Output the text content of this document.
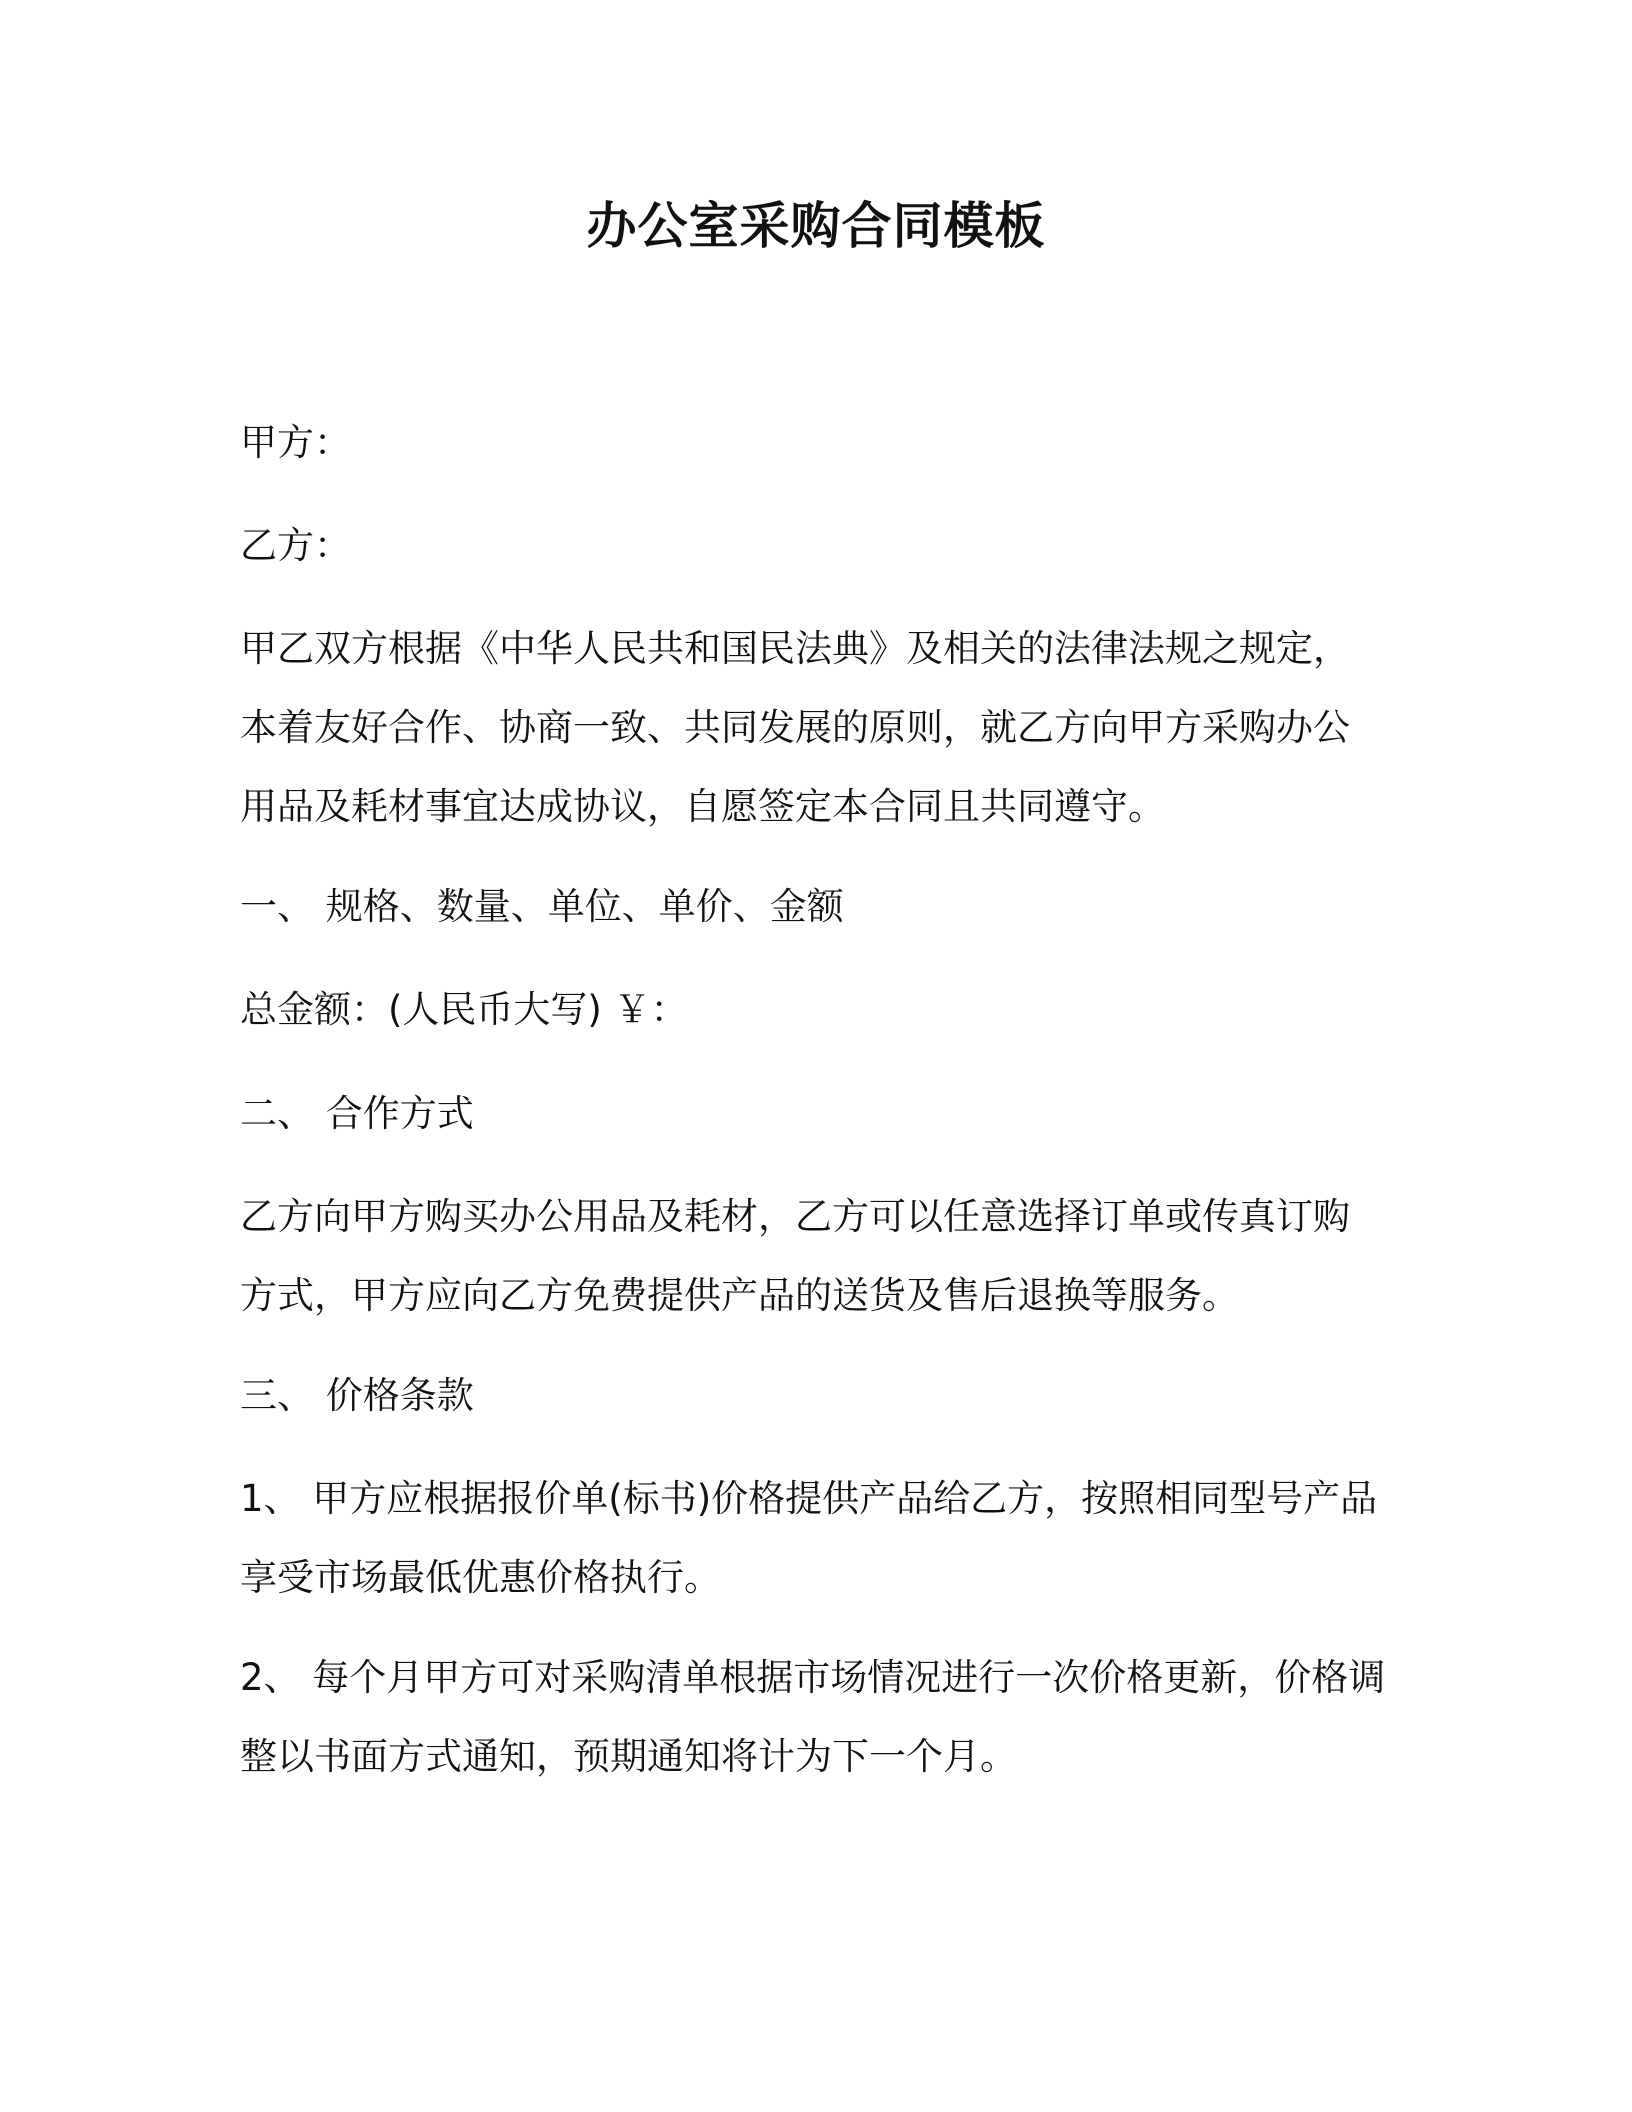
办公室采购合同模板
甲方：
乙方：
甲乙双方根据《中华人民共和国民法典》及相关的法律法规之规定，
本着友好合作、协商一致、共同发展的原则，就乙方向甲方采购办公
用品及耗材事宜达成协议，自愿签定本合同且共同遵守。
一、 规格、数量、单位、单价、金额
总金额：(人民币大写) ￥：
二、 合作方式
乙方向甲方购买办公用品及耗材，乙方可以任意选择订单或传真订购
方式，甲方应向乙方免费提供产品的送货及售后退换等服务。
三、 价格条款
1、 甲方应根据报价单(标书)价格提供产品给乙方，按照相同型号产品
享受市场最低优惠价格执行。
2、 每个月甲方可对采购清单根据市场情况进行一次价格更新，价格调
整以书面方式通知，预期通知将计为下一个月。
